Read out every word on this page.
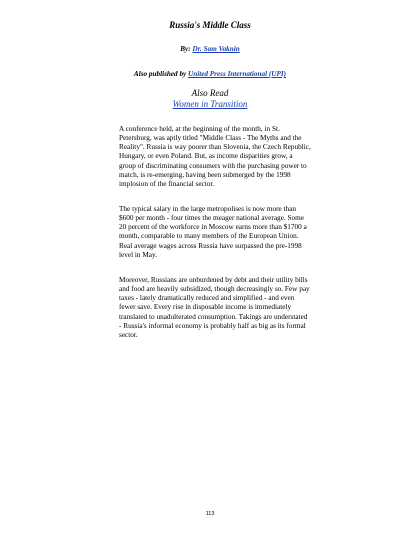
Russia's Middle Class
By: Dr. Sam Vaknin
Also published by United Press International (UPI)
Also Read
Women in Transition
A conference held, at the beginning of the month, in St. Petersburg, was aptly titled "Middle Class - The Myths and the Reality". Russia is way poorer than Slovenia, the Czech Republic, Hungary, or even Poland. But, as income disparities grow, a group of discriminating consumers with the purchasing power to match, is re-emerging, having been submerged by the 1998 implosion of the financial sector.
The typical salary in the large metropolises is now more than $600 per month - four times the meager national average. Some 20 percent of the workforce in Moscow earns more than $1700 a month, comparable to many members of the European Union. Real average wages across Russia have surpassed the pre-1998 level in May.
Moreover, Russians are unburdened by debt and their utility bills and food are heavily subsidized, though decreasingly so. Few pay taxes - lately dramatically reduced and simplified - and even fewer save. Every rise in disposable income is immediately translated to unadulterated consumption. Takings are understated - Russia's informal economy is probably half as big as its formal sector.
113
